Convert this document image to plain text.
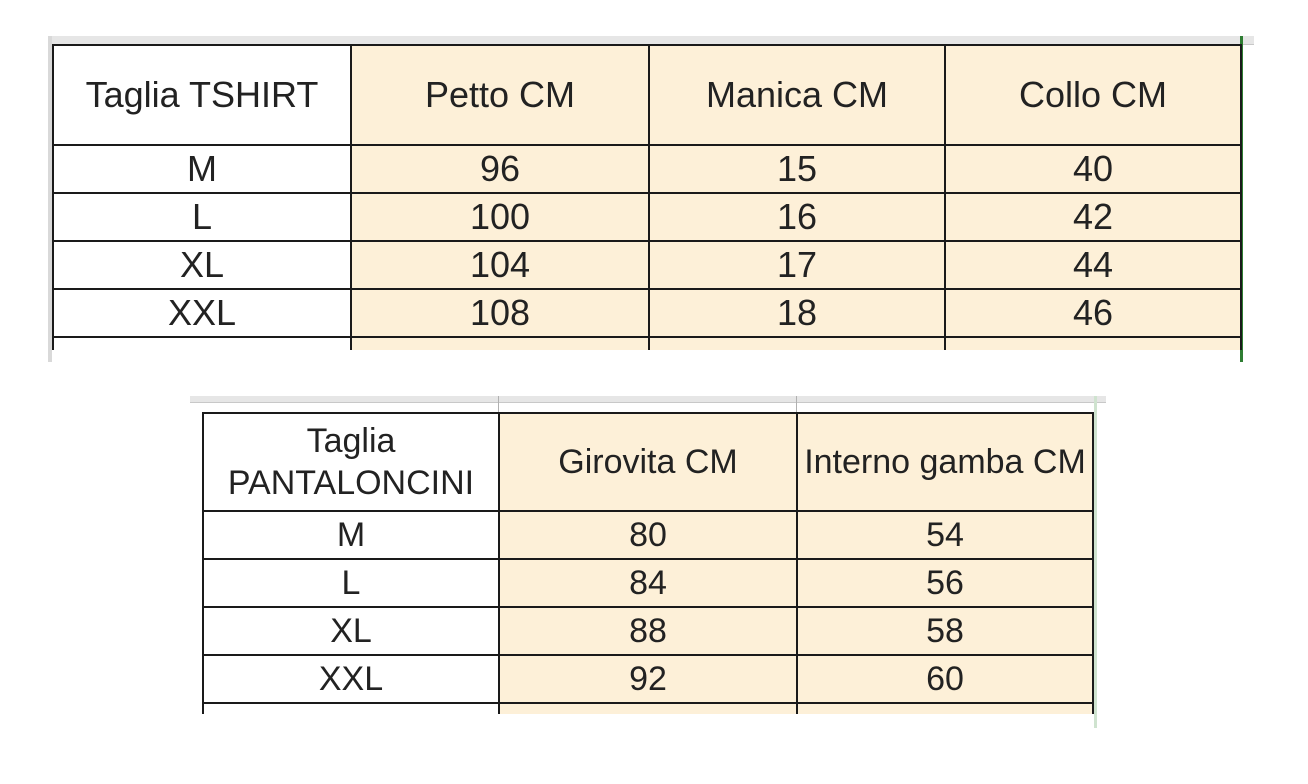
Taglia TSHIRT	Petto CM	Manica CM	Collo CM
M	96	15	40
L	100	16	42
XL	104	17	44
XXL	108	18	46

Taglia PANTALONCINI	Girovita CM	Interno gamba CM
M	80	54
L	84	56
XL	88	58
XXL	92	60
